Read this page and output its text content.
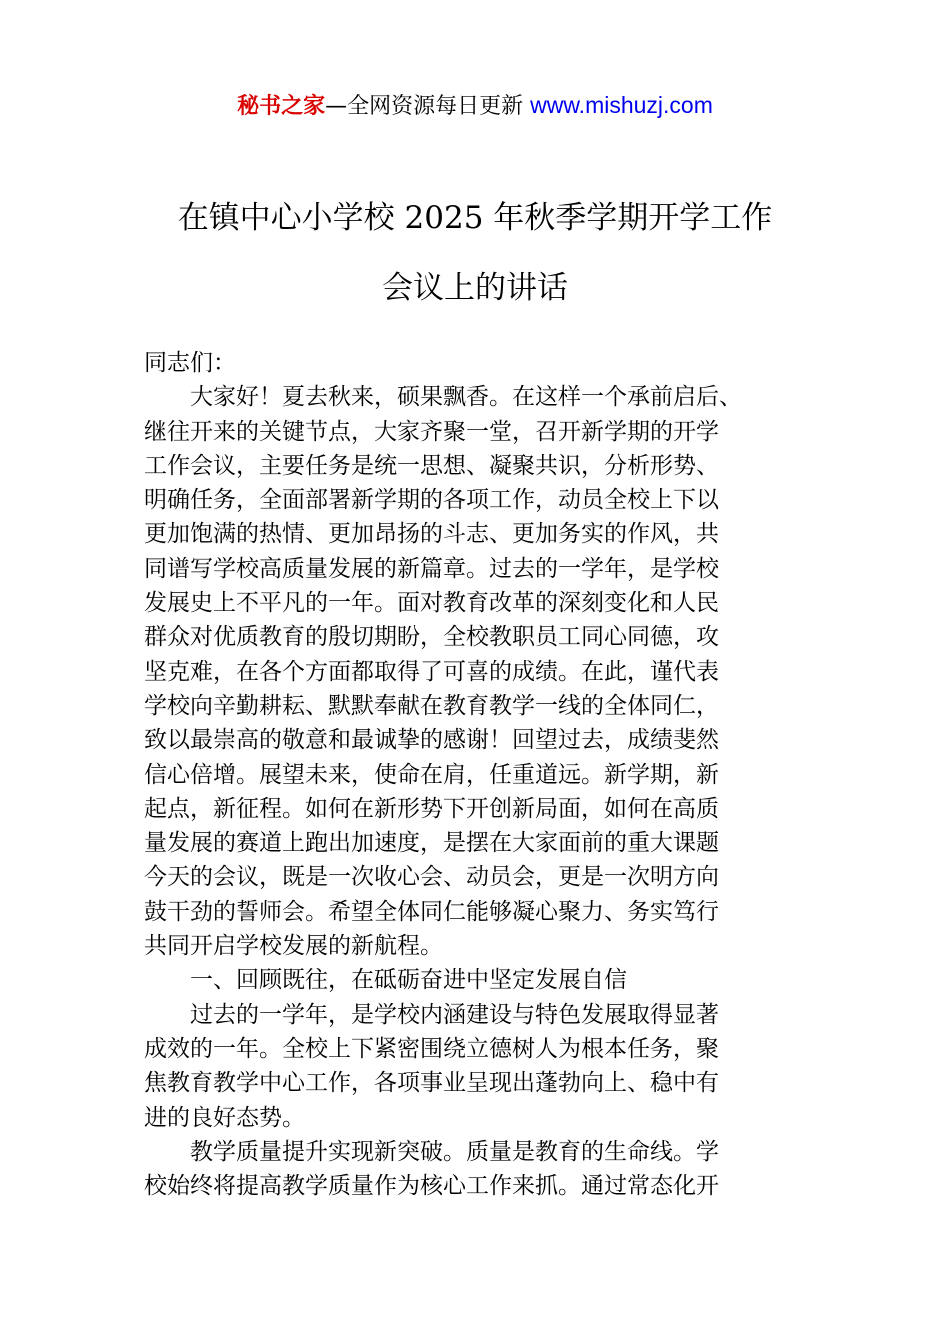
秘书之家—全网资源每日更新 www.mishuzj.com
在镇中心小学校 2025 年秋季学期开学工作
会议上的讲话
同志们：
大家好！夏去秋来，硕果飘香。在这样一个承前启后、
继往开来的关键节点，大家齐聚一堂，召开新学期的开学
工作会议，主要任务是统一思想、凝聚共识，分析形势、
明确任务，全面部署新学期的各项工作，动员全校上下以
更加饱满的热情、更加昂扬的斗志、更加务实的作风，共
同谱写学校高质量发展的新篇章。过去的一学年，是学校
发展史上不平凡的一年。面对教育改革的深刻变化和人民
群众对优质教育的殷切期盼，全校教职员工同心同德，攻
坚克难，在各个方面都取得了可喜的成绩。在此，谨代表
学校向辛勤耕耘、默默奉献在教育教学一线的全体同仁，
致以最崇高的敬意和最诚挚的感谢！回望过去，成绩斐然
信心倍增。展望未来，使命在肩，任重道远。新学期，新
起点，新征程。如何在新形势下开创新局面，如何在高质
量发展的赛道上跑出加速度，是摆在大家面前的重大课题
今天的会议，既是一次收心会、动员会，更是一次明方向
鼓干劲的誓师会。希望全体同仁能够凝心聚力、务实笃行
共同开启学校发展的新航程。
一、回顾既往，在砥砺奋进中坚定发展自信
过去的一学年，是学校内涵建设与特色发展取得显著
成效的一年。全校上下紧密围绕立德树人为根本任务，聚
焦教育教学中心工作，各项事业呈现出蓬勃向上、稳中有
进的良好态势。
教学质量提升实现新突破。质量是教育的生命线。学
校始终将提高教学质量作为核心工作来抓。通过常态化开
